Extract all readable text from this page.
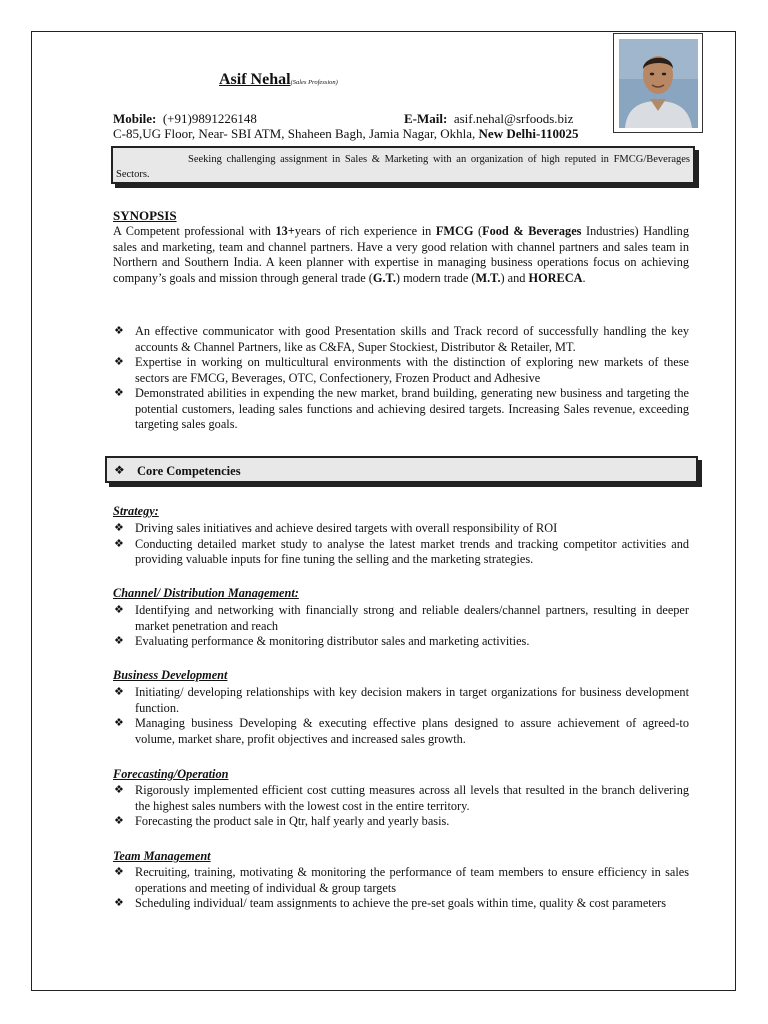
Asif Nehal(Sales Profession)
Mobile: (+91)9891226148	E-Mail: asif.nehal@srfoods.biz
C-85,UG Floor, Near- SBI ATM, Shaheen Bagh, Jamia Nagar, Okhla, New Delhi-110025
Seeking challenging assignment in Sales & Marketing with an organization of high reputed in FMCG/Beverages Sectors.
SYNOPSIS

A Competent professional with 13+years of rich experience in FMCG (Food & Beverages Industries) Handling sales and marketing, team and channel partners. Have a very good relation with channel partners and sales team in Northern and Southern India. A keen planner with expertise in managing business operations focus on achieving company’s goals and mission through general trade (G.T.) modern trade (M.T.) and HORECA.

❖ An effective communicator with good Presentation skills and Track record of successfully handling the key accounts & Channel Partners, like as C&FA, Super Stockiest, Distributor & Retailer, MT.
❖ Expertise in working on multicultural environments with the distinction of exploring new markets of these sectors are FMCG, Beverages, OTC, Confectionery, Frozen Product and Adhesive
❖ Demonstrated abilities in expending the new market, brand building, generating new business and targeting the potential customers, leading sales functions and achieving desired targets. Increasing Sales revenue, exceeding targeting sales goals.
❖ Core Competencies
Strategy:
❖ Driving sales initiatives and achieve desired targets with overall responsibility of ROI
❖ Conducting detailed market study to analyse the latest market trends and tracking competitor activities and providing valuable inputs for fine tuning the selling and the marketing strategies.
Channel/ Distribution Management:
❖ Identifying and networking with financially strong and reliable dealers/channel partners, resulting in deeper market penetration and reach
❖ Evaluating performance & monitoring distributor sales and marketing activities.
Business Development
❖ Initiating/ developing relationships with key decision makers in target organizations for business development function.
❖ Managing business Developing & executing effective plans designed to assure achievement of agreed-to volume, market share, profit objectives and increased sales growth.
Forecasting/Operation
❖ Rigorously implemented efficient cost cutting measures across all levels that resulted in the branch delivering the highest sales numbers with the lowest cost in the entire territory.
❖ Forecasting the product sale in Qtr, half yearly and yearly basis.
Team Management
❖ Recruiting, training, motivating & monitoring the performance of team members to ensure efficiency in sales operations and meeting of individual & group targets
❖ Scheduling individual/ team assignments to achieve the pre-set goals within time, quality & cost parameters
